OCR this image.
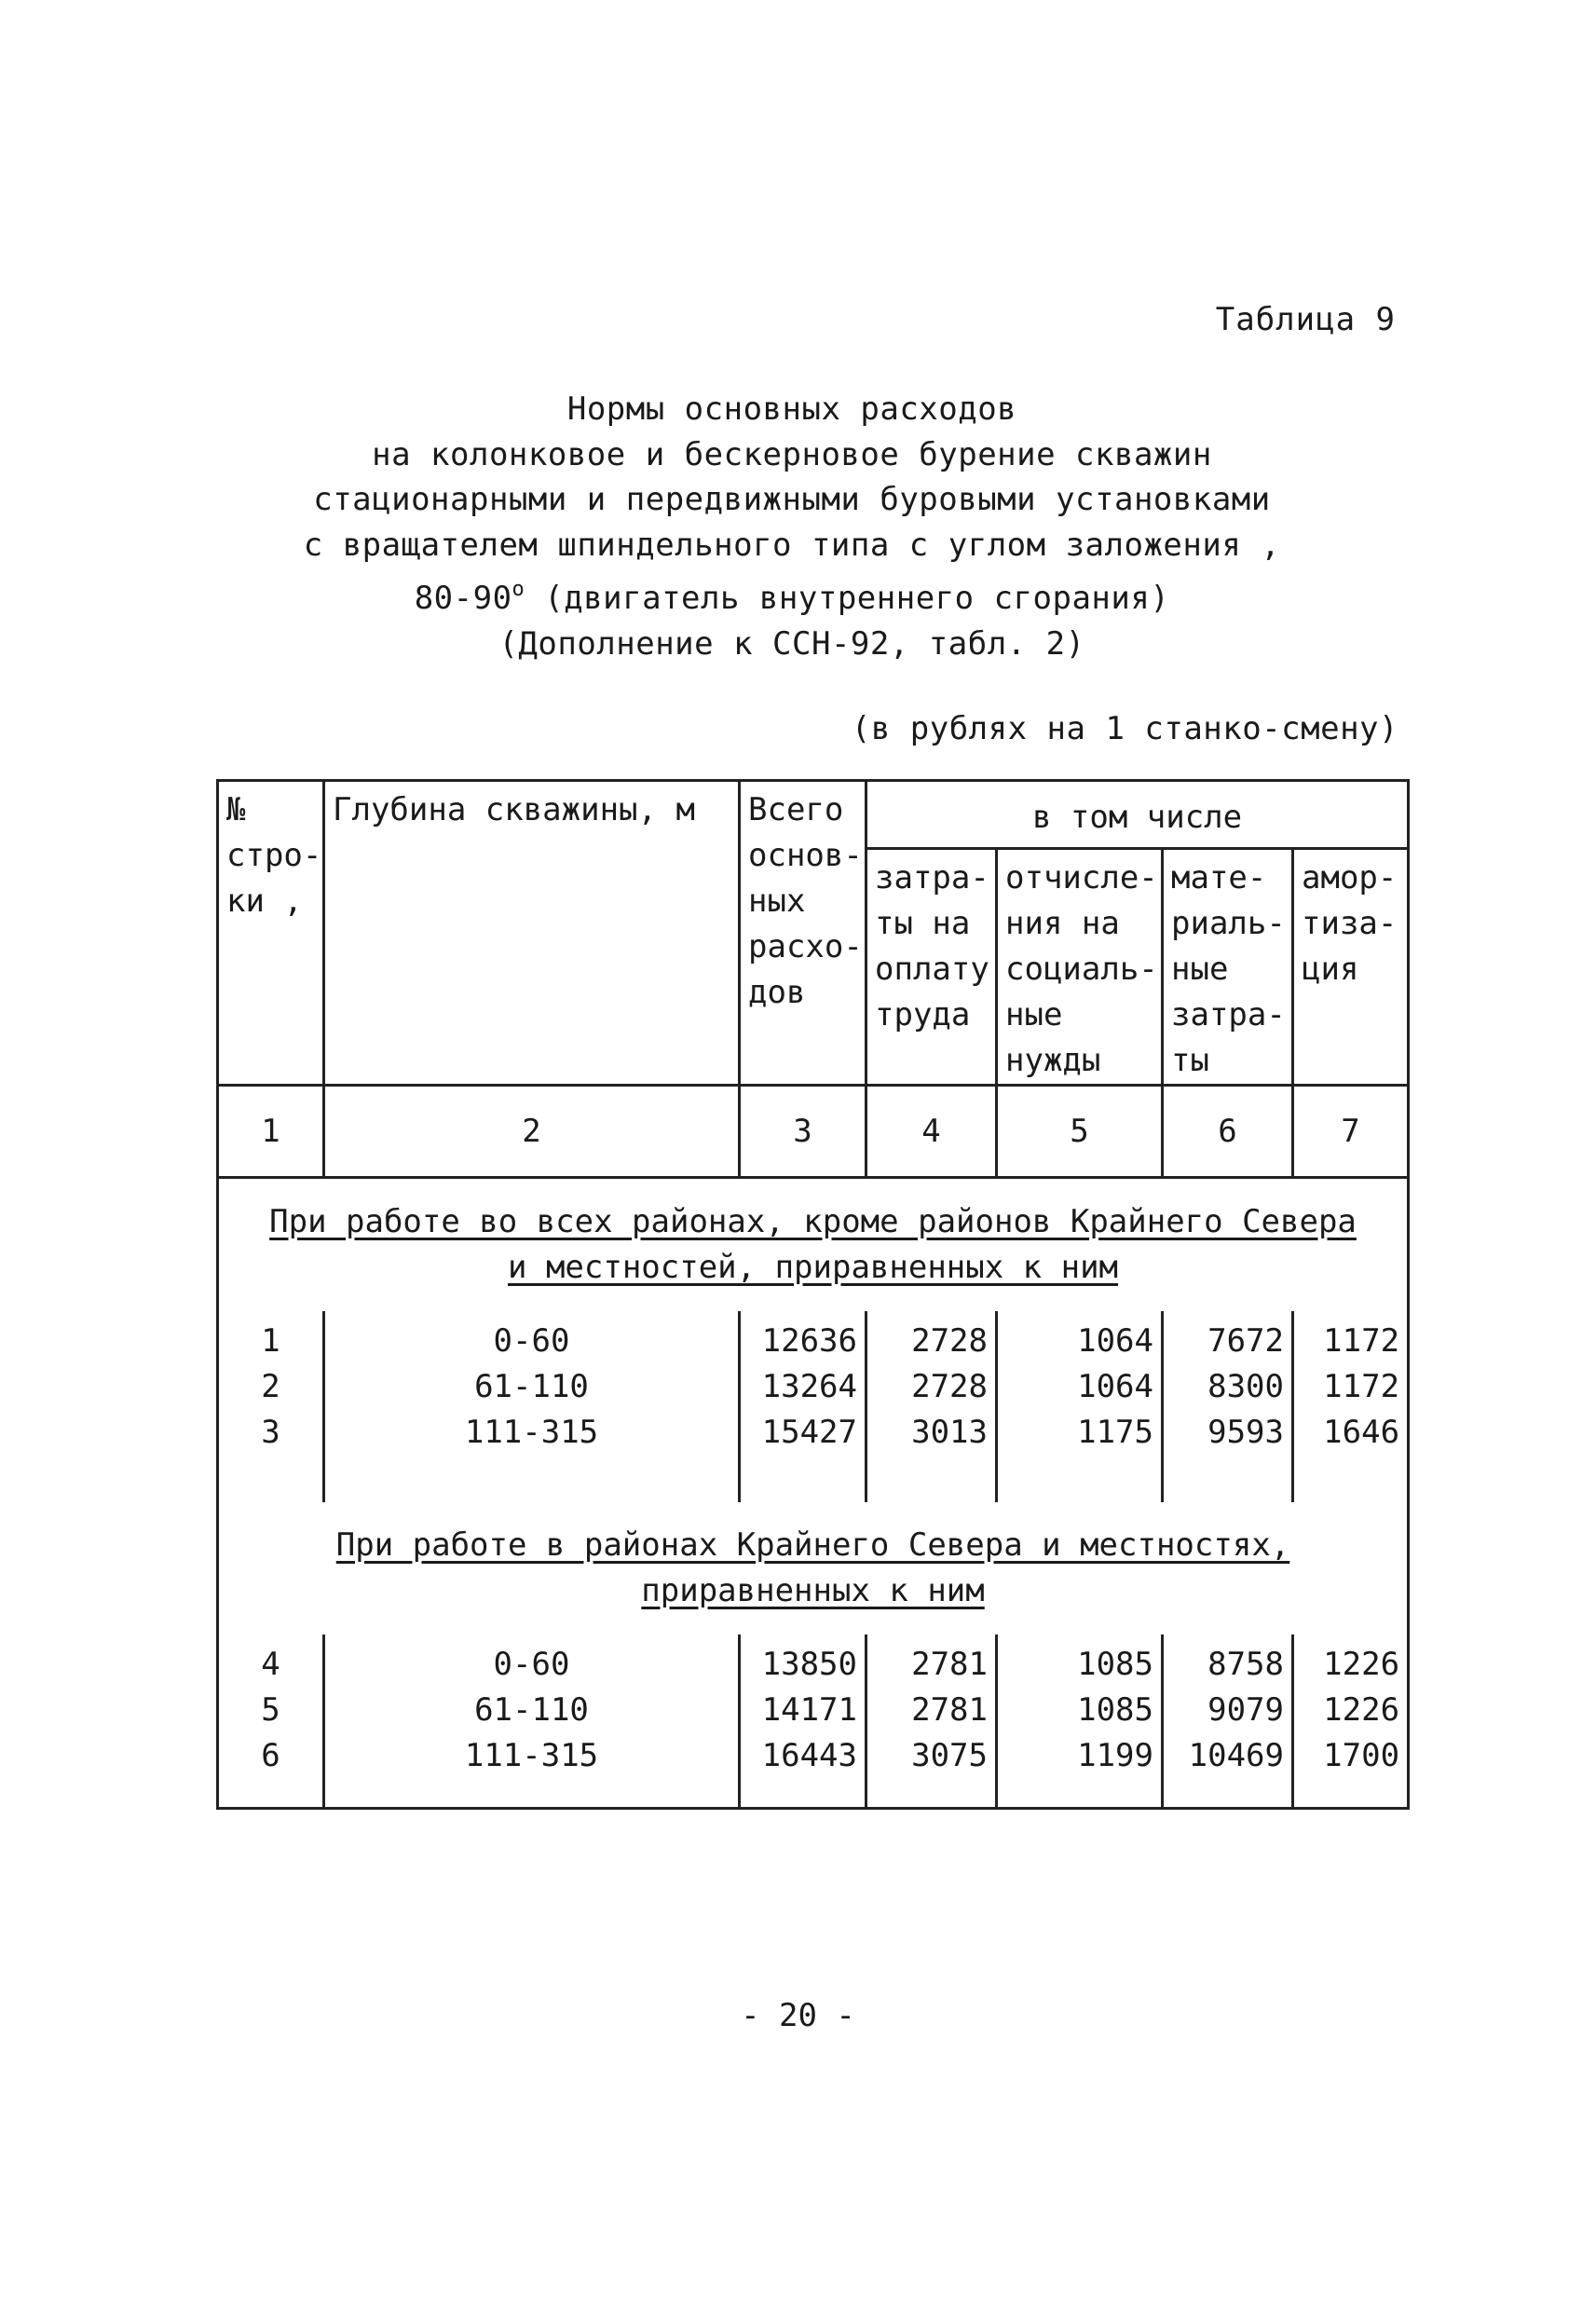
Таблица 9
Нормы основных расходов
на колонковое и бескерновое бурение скважин
стационарными и передвижными буровыми установками
с вращателем шпиндельного типа с углом заложения ,
$80-90^о$ (двигатель внутреннего сгорания)
(Дополнение к ССН-92, табл. 2)
(в рублях на 1 станко-смену)
№ стро- ки ,	Глубина скважины, м	Всего основ- ных расхо- дов	в том числе			
			затра- ты на оплату труда	отчисле- ния на социаль- ные нужды	мате- риаль- ные затра- ты	амор- тиза- ция
1	2	3	4	5	6	7

При работе во всех районах, кроме районов Крайнего Севера
и местностей, приравненных к ним						

1	0-60	12636	2728	1064	7672	1172
2	61-110	13264	2728	1064	8300	1172
3	111-315	15427	3013	1175	9593	1646

При работе в районах Крайнего Севера и местностях,
приравненных к ним						

4	0-60	13850	2781	1085	8758	1226
5	61-110	14171	2781	1085	9079	1226
6	111-315	16443	3075	1199	10469	1700
- 20 -
